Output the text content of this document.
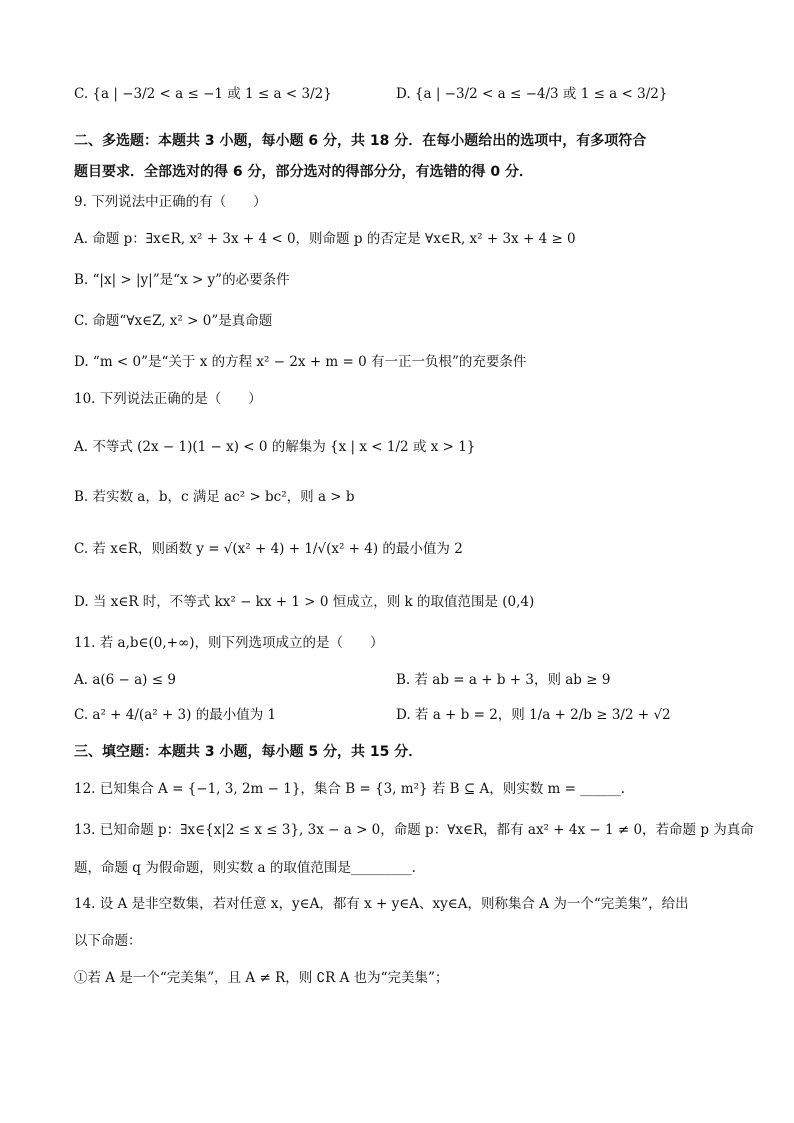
C. {a | −3/2 < a ≤ −1 或 1 ≤ a < 3/2}	D. {a | −3/2 < a ≤ −4/3 或 1 ≤ a < 3/2}
二、多选题：本题共 3 小题，每小题 6 分，共 18 分．在每小题给出的选项中，有多项符合
题目要求．全部选对的得 6 分，部分选对的得部分分，有选错的得 0 分．
9. 下列说法中正确的有（　　）
A. 命题 p：∃x∈R, x² + 3x + 4 < 0，则命题 p 的否定是 ∀x∈R, x² + 3x + 4 ≥ 0
B. “|x| > |y|”是“x > y”的必要条件
C. 命题“∀x∈Z, x² > 0”是真命题
D. “m < 0”是“关于 x 的方程 x² − 2x + m = 0 有一正一负根”的充要条件
10. 下列说法正确的是（　　）
A. 不等式 (2x − 1)(1 − x) < 0 的解集为 {x | x < 1/2 或 x > 1}
B. 若实数 a，b，c 满足 ac² > bc²，则 a > b
C. 若 x∈R，则函数 y = √(x² + 4) + 1/√(x² + 4) 的最小值为 2
D. 当 x∈R 时，不等式 kx² − kx + 1 > 0 恒成立，则 k 的取值范围是 (0,4)
11. 若 a,b∈(0,+∞)，则下列选项成立的是（　　）
A. a(6 − a) ≤ 9	B. 若 ab = a + b + 3，则 ab ≥ 9
C. a² + 4/(a² + 3) 的最小值为 1	D. 若 a + b = 2，则 1/a + 2/b ≥ 3/2 + √2
三、填空题：本题共 3 小题，每小题 5 分，共 15 分．
12. 已知集合 A = {−1, 3, 2m − 1}，集合 B = {3, m²} 若 B ⊆ A，则实数 m = ______.
13. 已知命题 p：∃x∈{x|2 ≤ x ≤ 3}, 3x − a > 0，命题 p：∀x∈R，都有 ax² + 4x − 1 ≠ 0，若命题 p 为真命
题，命题 q 为假命题，则实数 a 的取值范围是_________.
14. 设 A 是非空数集，若对任意 x，y∈A，都有 x + y∈A、xy∈A，则称集合 A 为一个“完美集”，给出
以下命题：
①若 A 是一个“完美集”，且 A ≠ R，则 ∁R A 也为“完美集”；
